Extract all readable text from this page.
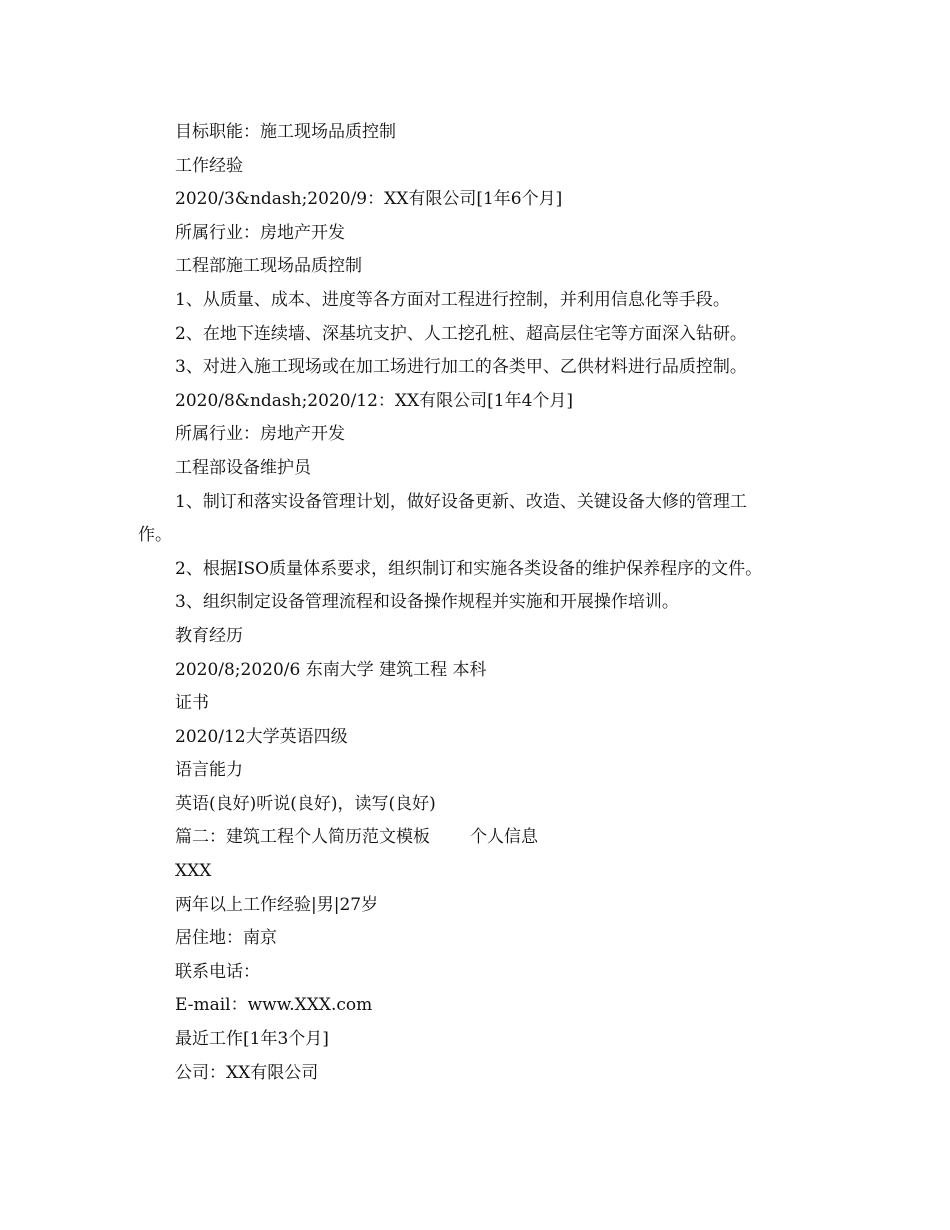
目标职能：施工现场品质控制
工作经验
2020/3&ndash;2020/9：XX有限公司[1年6个月]
所属行业：房地产开发
工程部施工现场品质控制
1、从质量、成本、进度等各方面对工程进行控制，并利用信息化等手段。
2、在地下连续墙、深基坑支护、人工挖孔桩、超高层住宅等方面深入钻研。
3、对进入施工现场或在加工场进行加工的各类甲、乙供材料进行品质控制。
2020/8&ndash;2020/12：XX有限公司[1年4个月]
所属行业：房地产开发
工程部设备维护员
1、制订和落实设备管理计划，做好设备更新、改造、关键设备大修的管理工
作。
2、根据ISO质量体系要求，组织制订和实施各类设备的维护保养程序的文件。
3、组织制定设备管理流程和设备操作规程并实施和开展操作培训。
教育经历
2020/8;2020/6 东南大学 建筑工程 本科
证书
2020/12大学英语四级
语言能力
英语(良好)听说(良好)，读写(良好)
篇二：建筑工程个人简历范文模板 个人信息
XXX
两年以上工作经验|男|27岁
居住地：南京
联系电话：
E-mail：www.XXX.com
最近工作[1年3个月]
公司：XX有限公司
